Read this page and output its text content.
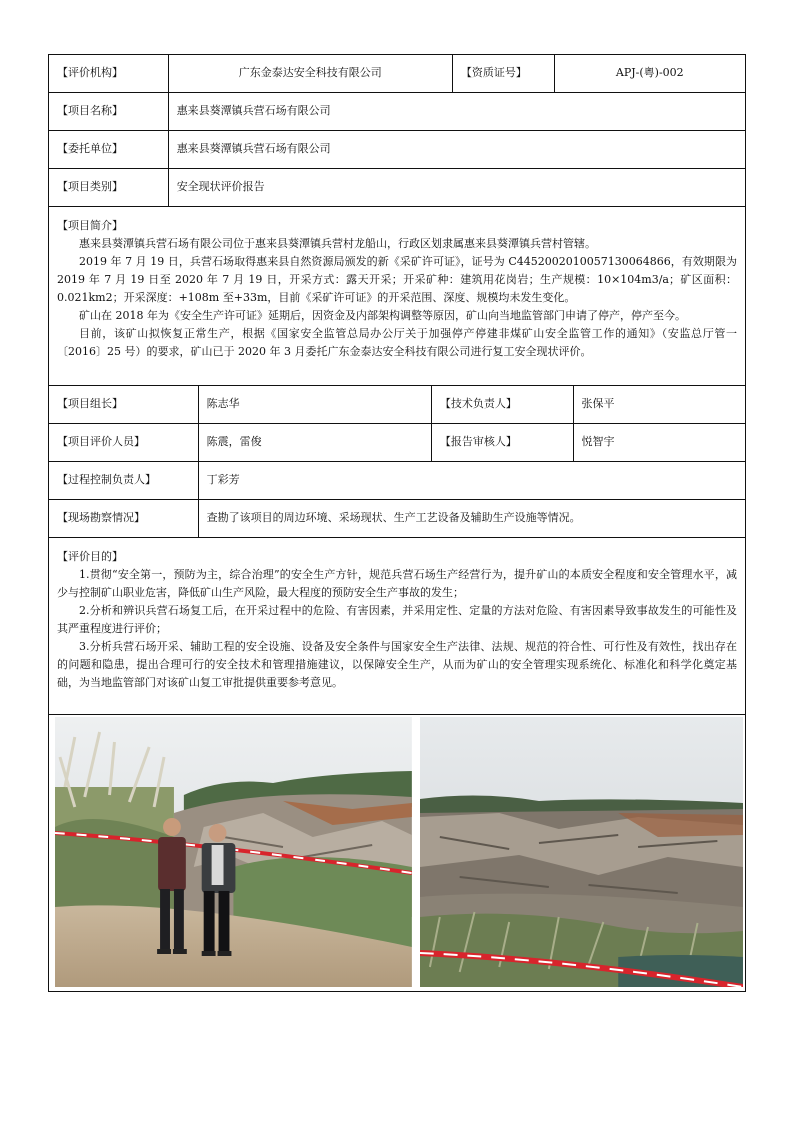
【评价机构】	广东金泰达安全科技有限公司	【资质证号】	APJ-(粤)-002
【项目名称】	惠来县葵潭镇兵营石场有限公司
【委托单位】	惠来县葵潭镇兵营石场有限公司
【项目类别】	安全现状评价报告
【项目简介】

惠来县葵潭镇兵营石场有限公司位于惠来县葵潭镇兵营村龙船山，行政区划隶属惠来县葵潭镇兵营村管辖。

2019 年 7 月 19 日，兵营石场取得惠来县自然资源局颁发的新《采矿许可证》，证号为 C4452002010057130064866，有效期限为 2019 年 7 月 19 日至 2020 年 7 月 19 日，开采方式：露天开采；开采矿种：建筑用花岗岩；生产规模：10×104m3/a；矿区面积：0.021km2；开采深度：+108m 至+33m，目前《采矿许可证》的开采范围、深度、规模均未发生变化。

矿山在 2018 年为《安全生产许可证》延期后，因资金及内部架构调整等原因，矿山向当地监管部门申请了停产，停产至今。

目前，该矿山拟恢复正常生产，根据《国家安全监管总局办公厅关于加强停产停建非煤矿山安全监管工作的通知》（安监总厅管一〔2016〕25 号）的要求，矿山已于 2020 年 3 月委托广东金泰达安全科技有限公司进行复工安全现状评价。

【项目组长】	陈志华	【技术负责人】	张保平
【项目评价人员】	陈震，雷俊	【报告审核人】	悦智宇
【过程控制负责人】	丁彩芳
【现场勘察情况】	查勘了该项目的周边环境、采场现状、生产工艺设备及辅助生产设施等情况。
【评价目的】

1.贯彻“安全第一，预防为主，综合治理”的安全生产方针，规范兵营石场生产经营行为，提升矿山的本质安全程度和安全管理水平，减少与控制矿山职业危害，降低矿山生产风险，最大程度的预防安全生产事故的发生；

2.分析和辨识兵营石场复工后，在开采过程中的危险、有害因素，并采用定性、定量的方法对危险、有害因素导致事故发生的可能性及其严重程度进行评价；

3.分析兵营石场开采、辅助工程的安全设施、设备及安全条件与国家安全生产法律、法规、规范的符合性、可行性及有效性，找出存在的问题和隐患，提出合理可行的安全技术和管理措施建议，以保障安全生产，从而为矿山的安全管理实现系统化、标准化和科学化奠定基础，为当地监管部门对该矿山复工审批提供重要参考意见。
